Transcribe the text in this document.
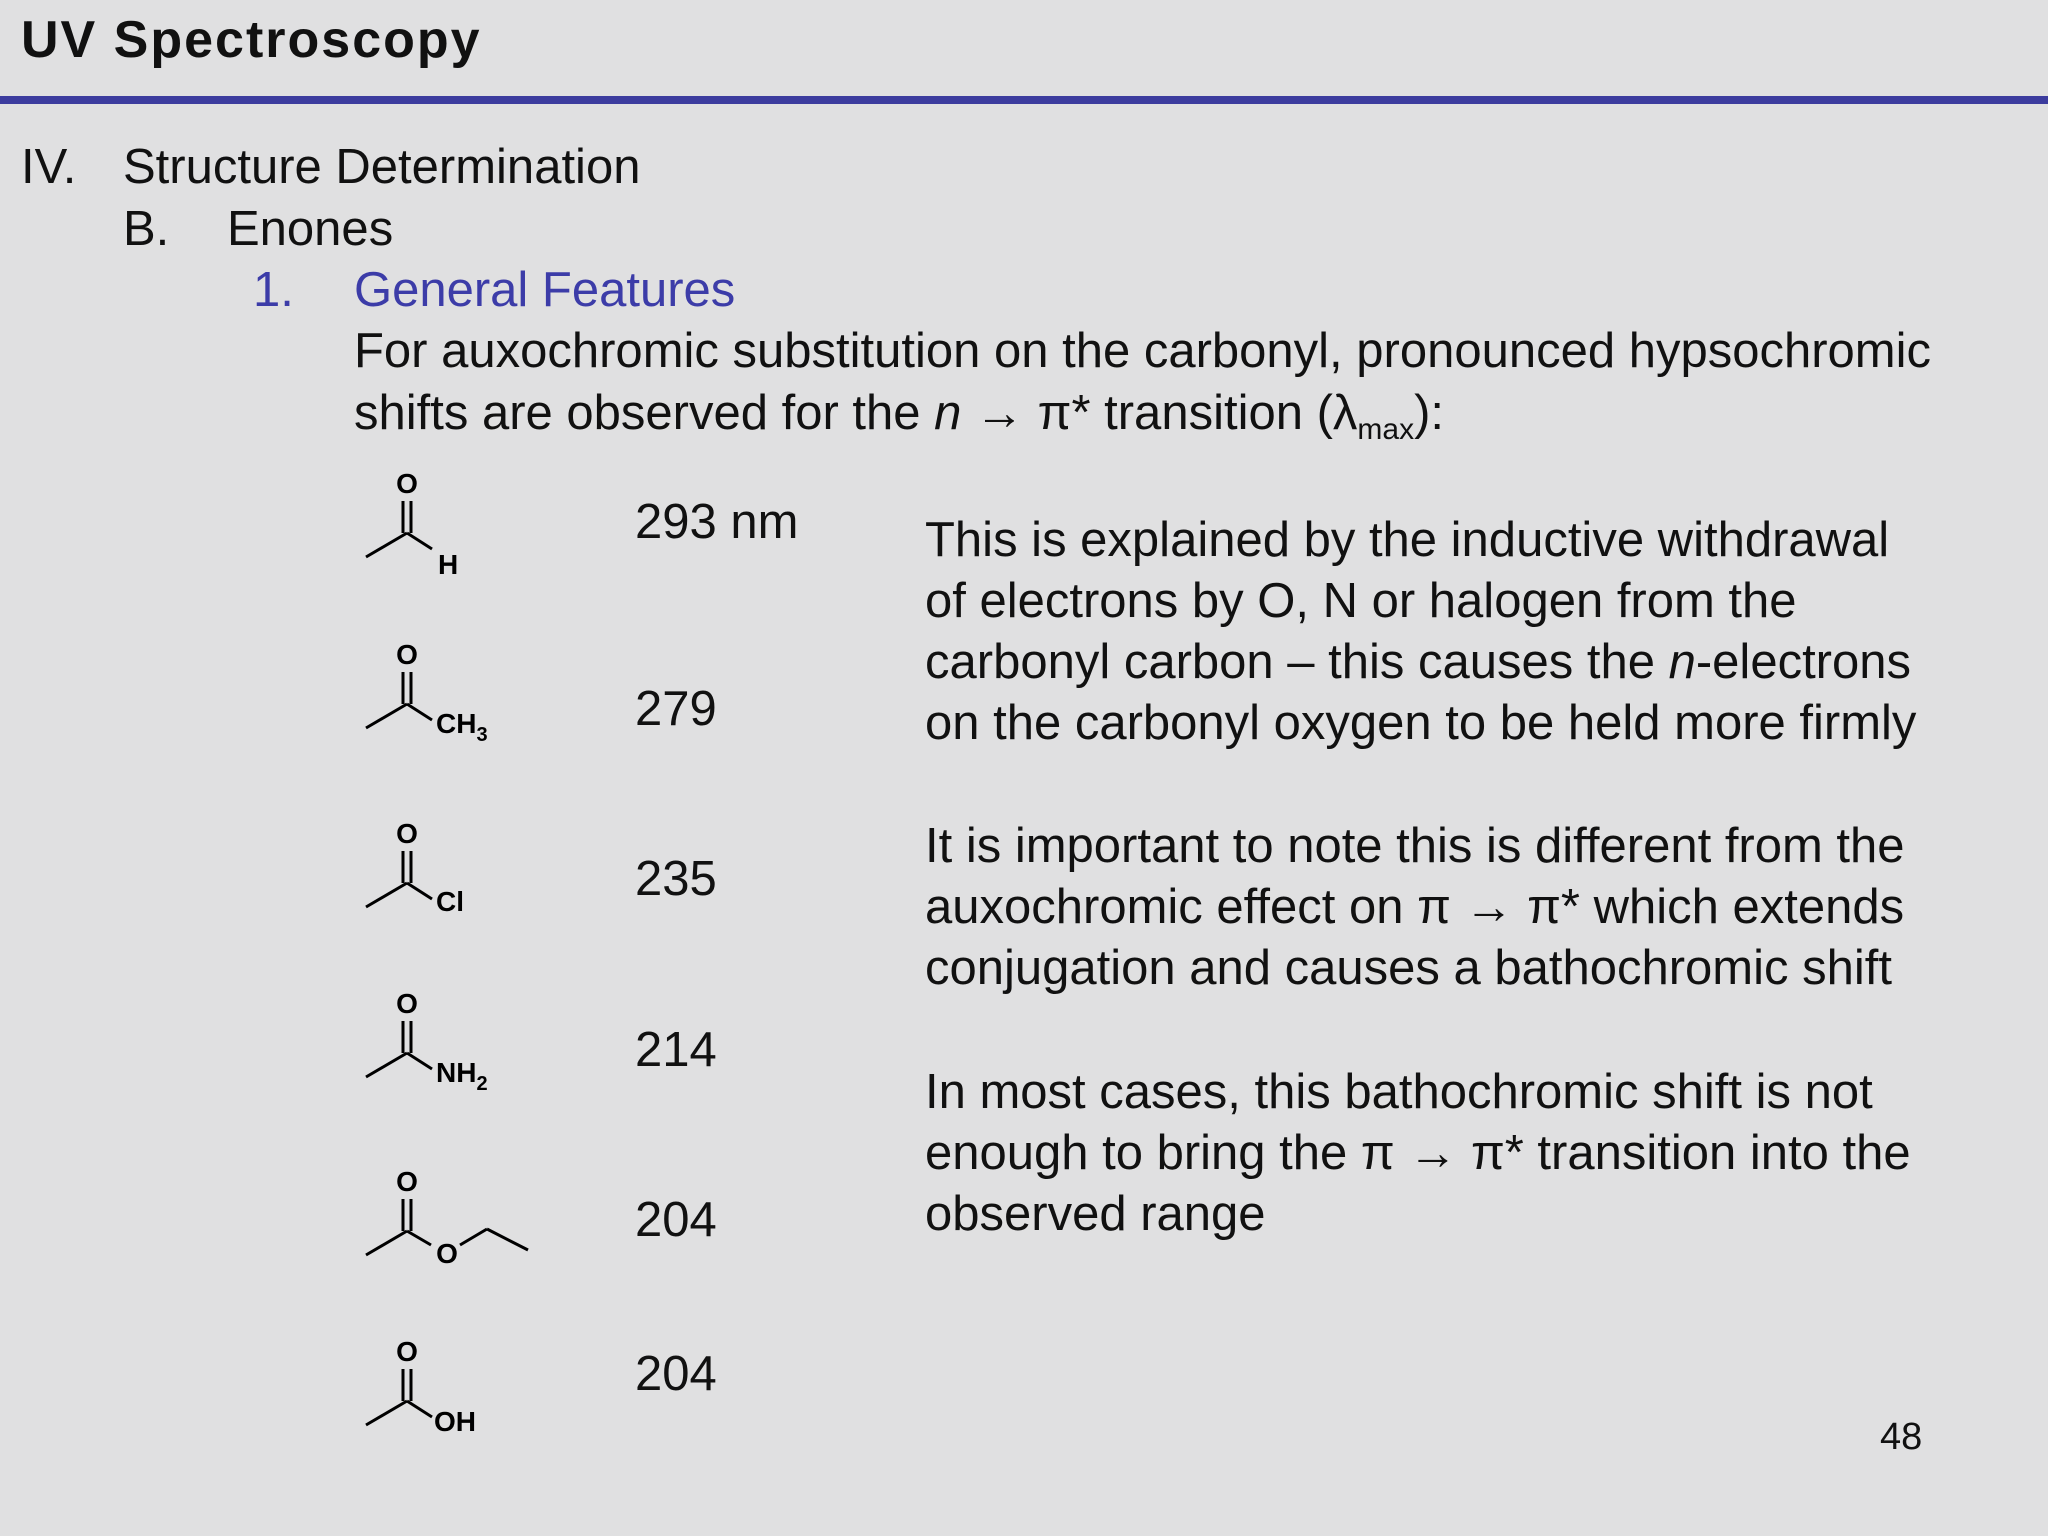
UV Spectroscopy
IV. Structure Determination
B. Enones
1. General Features
For auxochromic substitution on the carbonyl, pronounced hypsochromic
shifts are observed for the n → π* transition $(\lambda_{max})$:
O
H
O
$CH_3$
O
Cl
O
$NH_2$
O
O
O
OH
293 nm
279
235
214
204
204

This is explained by the inductive withdrawal

of electrons by O, N or halogen from the

carbonyl carbon – this causes the n-electrons

on the carbonyl oxygen to be held more firmly

It is important to note this is different from the

auxochromic effect on π → π* which extends

conjugation and causes a bathochromic shift

In most cases, this bathochromic shift is not

enough to bring the π → π* transition into the

observed range

48
